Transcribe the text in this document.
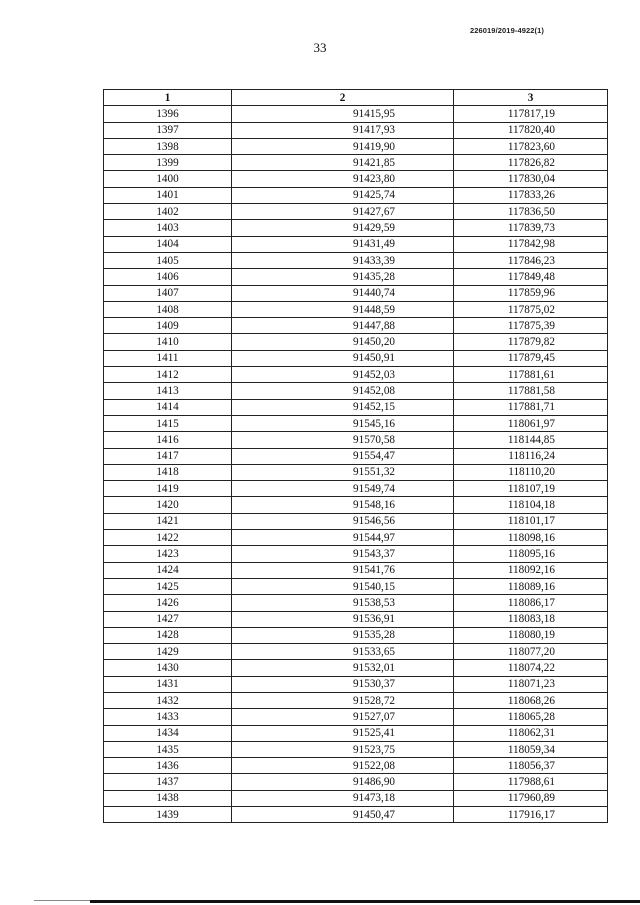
226019/2019-4922(1)
33
1	2	3
1396	91415,95	117817,19
1397	91417,93	117820,40
1398	91419,90	117823,60
1399	91421,85	117826,82
1400	91423,80	117830,04
1401	91425,74	117833,26
1402	91427,67	117836,50
1403	91429,59	117839,73
1404	91431,49	117842,98
1405	91433,39	117846,23
1406	91435,28	117849,48
1407	91440,74	117859,96
1408	91448,59	117875,02
1409	91447,88	117875,39
1410	91450,20	117879,82
1411	91450,91	117879,45
1412	91452,03	117881,61
1413	91452,08	117881,58
1414	91452,15	117881,71
1415	91545,16	118061,97
1416	91570,58	118144,85
1417	91554,47	118116,24
1418	91551,32	118110,20
1419	91549,74	118107,19
1420	91548,16	118104,18
1421	91546,56	118101,17
1422	91544,97	118098,16
1423	91543,37	118095,16
1424	91541,76	118092,16
1425	91540,15	118089,16
1426	91538,53	118086,17
1427	91536,91	118083,18
1428	91535,28	118080,19
1429	91533,65	118077,20
1430	91532,01	118074,22
1431	91530,37	118071,23
1432	91528,72	118068,26
1433	91527,07	118065,28
1434	91525,41	118062,31
1435	91523,75	118059,34
1436	91522,08	118056,37
1437	91486,90	117988,61
1438	91473,18	117960,89
1439	91450,47	117916,17
